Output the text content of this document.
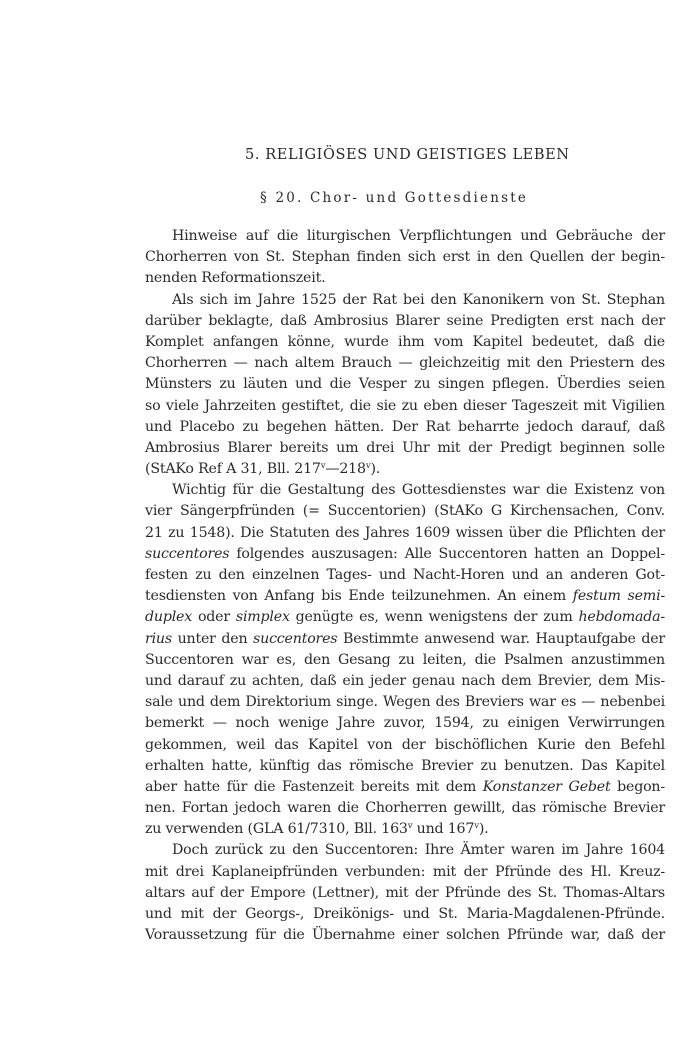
5. RELIGIÖSES UND GEISTIGES LEBEN
§ 20. Chor- und Gottesdienste
Hinweise auf die liturgischen Verpflichtungen und Gebräuche der
Chorherren von St. Stephan finden sich erst in den Quellen der begin-
nenden Reformationszeit.
Als sich im Jahre 1525 der Rat bei den Kanonikern von St. Stephan
darüber beklagte, daß Ambrosius Blarer seine Predigten erst nach der
Komplet anfangen könne, wurde ihm vom Kapitel bedeutet, daß die
Chorherren — nach altem Brauch — gleichzeitig mit den Priestern des
Münsters zu läuten und die Vesper zu singen pflegen. Überdies seien
so viele Jahrzeiten gestiftet, die sie zu eben dieser Tageszeit mit Vigilien
und Placebo zu begehen hätten. Der Rat beharrte jedoch darauf, daß
Ambrosius Blarer bereits um drei Uhr mit der Predigt beginnen solle
(StAKo Ref A 31, Bll. 217$^v$—218$^v$).
Wichtig für die Gestaltung des Gottesdienstes war die Existenz von
vier Sängerpfründen (= Succentorien) (StAKo G Kirchensachen, Conv.
21 zu 1548). Die Statuten des Jahres 1609 wissen über die Pflichten der
succentores folgendes auszusagen: Alle Succentoren hatten an Doppel-
festen zu den einzelnen Tages- und Nacht-Horen und an anderen Got-
tesdiensten von Anfang bis Ende teilzunehmen. An einem festum semi-
duplex oder simplex genügte es, wenn wenigstens der zum hebdomada-
rius unter den succentores Bestimmte anwesend war. Hauptaufgabe der
Succentoren war es, den Gesang zu leiten, die Psalmen anzustimmen
und darauf zu achten, daß ein jeder genau nach dem Brevier, dem Mis-
sale und dem Direktorium singe. Wegen des Breviers war es — nebenbei
bemerkt — noch wenige Jahre zuvor, 1594, zu einigen Verwirrungen
gekommen, weil das Kapitel von der bischöflichen Kurie den Befehl
erhalten hatte, künftig das römische Brevier zu benutzen. Das Kapitel
aber hatte für die Fastenzeit bereits mit dem Konstanzer Gebet begon-
nen. Fortan jedoch waren die Chorherren gewillt, das römische Brevier
zu verwenden (GLA 61/7310, Bll. 163$^v$ und 167$^v$).
Doch zurück zu den Succentoren: Ihre Ämter waren im Jahre 1604
mit drei Kaplaneipfründen verbunden: mit der Pfründe des Hl. Kreuz-
altars auf der Empore (Lettner), mit der Pfründe des St. Thomas-Altars
und mit der Georgs-, Dreikönigs- und St. Maria-Magdalenen-Pfründe.
Voraussetzung für die Übernahme einer solchen Pfründe war, daß der
